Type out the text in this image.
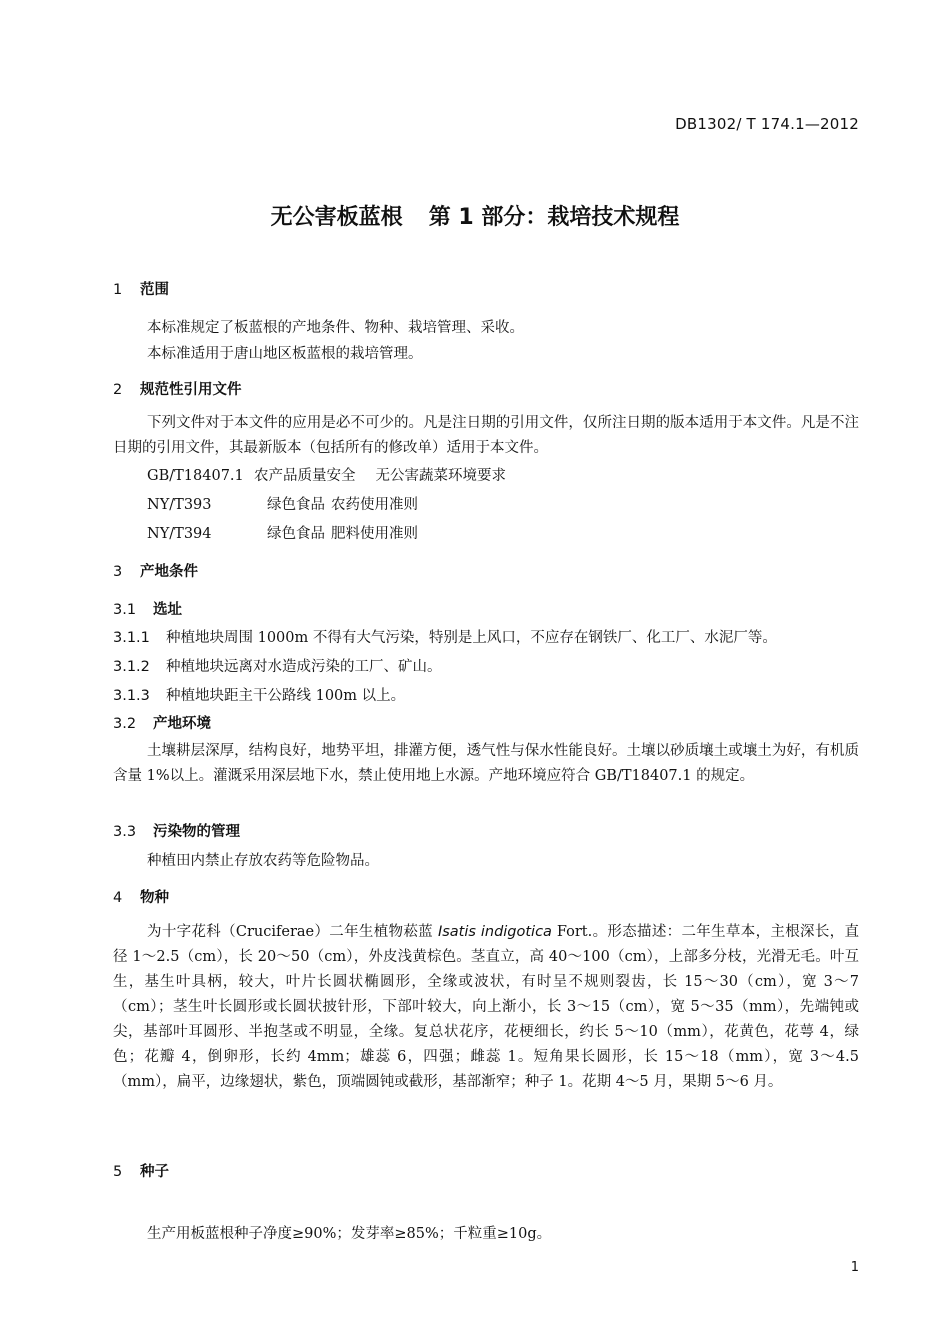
DB1302/ T 174.1—2012
无公害板蓝根 第 1 部分：栽培技术规程
1 范围
本标准规定了板蓝根的产地条件、物种、栽培管理、采收。
本标准适用于唐山地区板蓝根的栽培管理。
2 规范性引用文件
下列文件对于本文件的应用是必不可少的。凡是注日期的引用文件，仅所注日期的版本适用于本文件。凡是不注日期的引用文件，其最新版本（包括所有的修改单）适用于本文件。
GB/T18407.1 农产品质量安全 无公害蔬菜环境要求
NY/T393	绿色食品 农药使用准则
NY/T394	绿色食品 肥料使用准则
3 产地条件
3.1 选址
3.1.1 种植地块周围 1000m 不得有大气污染，特别是上风口，不应存在钢铁厂、化工厂、水泥厂等。
3.1.2 种植地块远离对水造成污染的工厂、矿山。
3.1.3 种植地块距主干公路线 100m 以上。
3.2 产地环境
土壤耕层深厚，结构良好，地势平坦，排灌方便，透气性与保水性能良好。土壤以砂质壤土或壤土为好，有机质含量 1%以上。灌溉采用深层地下水，禁止使用地上水源。产地环境应符合 GB/T18407.1 的规定。
3.3 污染物的管理
种植田内禁止存放农药等危险物品。
4 物种
为十字花科（Cruciferae）二年生植物菘蓝 Isatis indigotica Fort.。形态描述：二年生草本，主根深长，直径 1～2.5（cm），长 20～50（cm），外皮浅黄棕色。茎直立，高 40～100（cm），上部多分枝，光滑无毛。叶互生，基生叶具柄，较大，叶片长圆状椭圆形，全缘或波状，有时呈不规则裂齿，长 15～30（cm），宽 3～7（cm）；茎生叶长圆形或长圆状披针形，下部叶较大，向上渐小，长 3～15（cm），宽 5～35（mm），先端钝或尖，基部叶耳圆形、半抱茎或不明显，全缘。复总状花序，花梗细长，约长 5～10（mm），花黄色，花萼 4，绿色；花瓣 4，倒卵形，长约 4mm；雄蕊 6，四强；雌蕊 1。短角果长圆形，长 15～18（mm），宽 3～4.5（mm），扁平，边缘翅状，紫色，顶端圆钝或截形，基部渐窄；种子 1。花期 4～5 月，果期 5～6 月。
5 种子
生产用板蓝根种子净度≥90%；发芽率≥85%；千粒重≥10g。
1
